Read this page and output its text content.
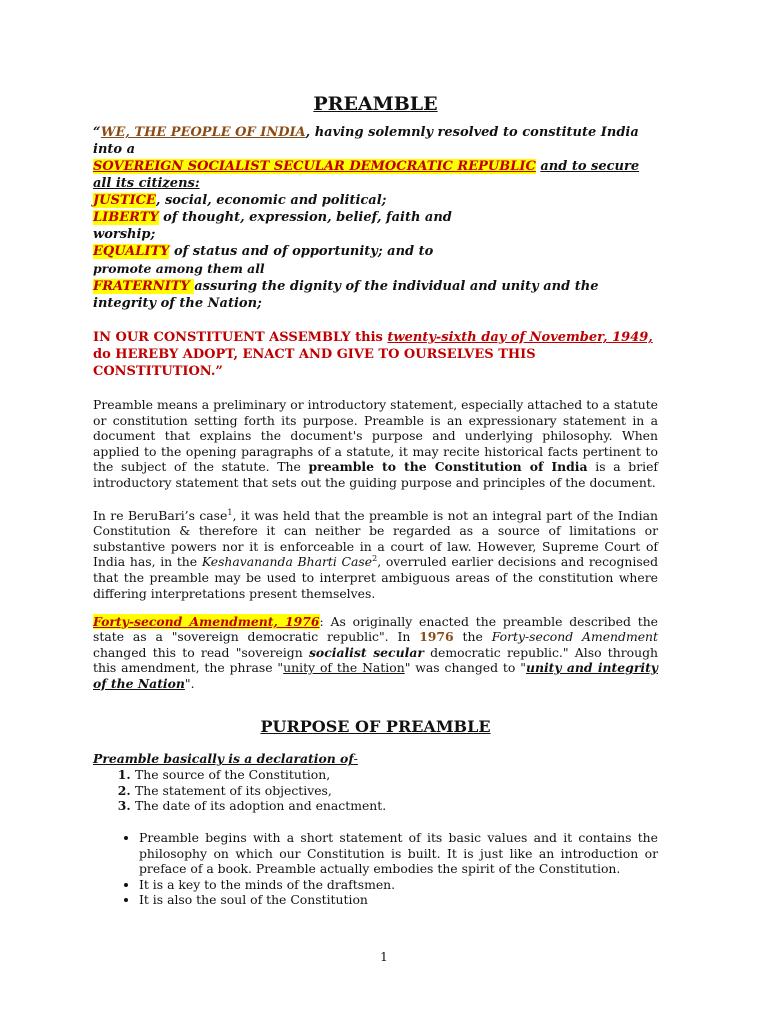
PREAMBLE
“WE, THE PEOPLE OF INDIA, having solemnly resolved to constitute India into a
SOVEREIGN SOCIALIST SECULAR DEMOCRATIC REPUBLIC and to secure all its citizens:
JUSTICE, social, economic and political;
LIBERTY of thought, expression, belief, faith and
worship;
EQUALITY of status and of opportunity; and to
promote among them all
FRATERNITY assuring the dignity of the individual and unity and the integrity of the Nation;
IN OUR CONSTITUENT ASSEMBLY this twenty-sixth day of November, 1949,
do HEREBY ADOPT, ENACT AND GIVE TO OURSELVES THIS CONSTITUTION.”

Preamble means a preliminary or introductory statement, especially attached to a statute or constitution setting forth its purpose. Preamble is an expressionary statement in a document that explains the document's purpose and underlying philosophy. When applied to the opening paragraphs of a statute, it may recite historical facts pertinent to the subject of the statute. The preamble to the Constitution of India is a brief introductory statement that sets out the guiding purpose and principles of the document.

In re BeruBari’s case$^1$, it was held that the preamble is not an integral part of the Indian Constitution & therefore it can neither be regarded as a source of limitations or substantive powers nor it is enforceable in a court of law. However, Supreme Court of India has, in the Keshavananda Bharti Case$^2$, overruled earlier decisions and recognised that the preamble may be used to interpret ambiguous areas of the constitution where differing interpretations present themselves.

Forty-second Amendment, 1976: As originally enacted the preamble described the state as a "sovereign democratic republic". In 1976 the Forty-second Amendment changed this to read "sovereign socialist secular democratic republic." Also through this amendment, the phrase "unity of the Nation" was changed to "unity and integrity of the Nation".

PURPOSE OF PREAMBLE
Preamble basically is a declaration of-
1. The source of the Constitution,
2. The statement of its objectives,
3. The date of its adoption and enactment.
• Preamble begins with a short statement of its basic values and it contains the philosophy on which our Constitution is built. It is just like an introduction or preface of a book. Preamble actually embodies the spirit of the Constitution.
• It is a key to the minds of the draftsmen.
• It is also the soul of the Constitution
1
